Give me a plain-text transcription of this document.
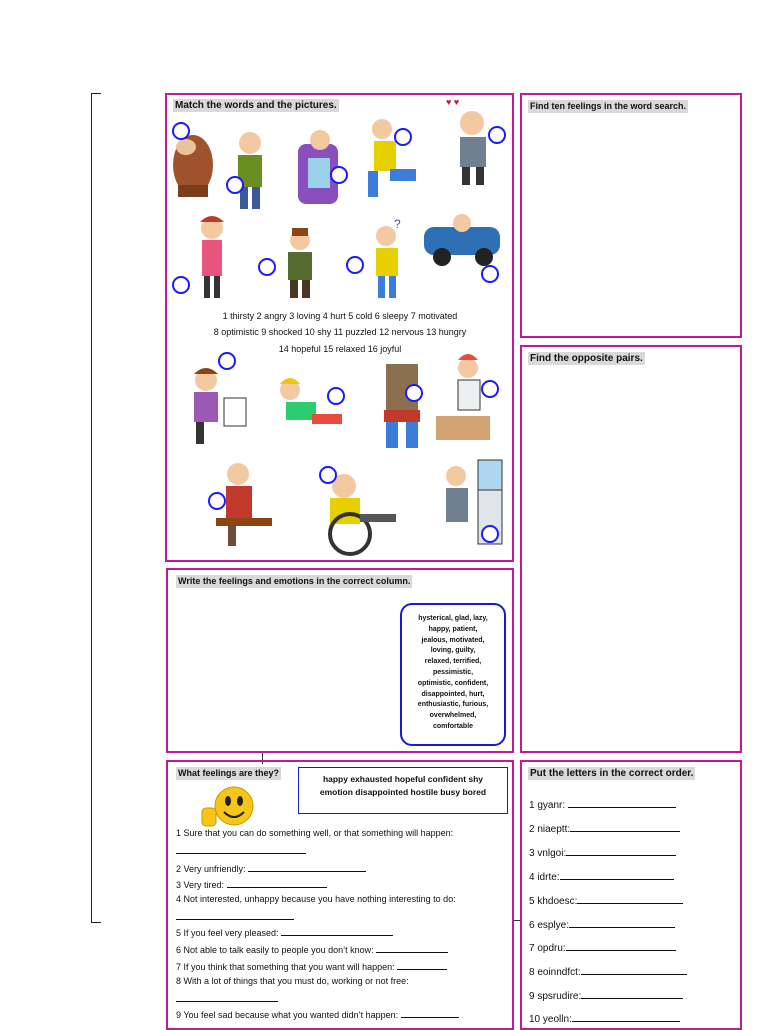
Match the words and the pictures.	♥ ♥
?
1 thirsty 2 angry 3 loving 4 hurt 5 cold 6 sleepy 7 motivated
8 optimistic 9 shocked 10 shy 11 puzzled 12 nervous 13 hungry
14 hopeful 15 relaxed 16 joyful
Find ten feelings in the word search.
Find the opposite pairs.
Write the feelings and emotions in the correct column.
hysterical, glad, lazy,
happy, patient,
jealous, motivated,
loving, guilty,
relaxed, terrified,
pessimistic,
optimistic, confident,
disappointed, hurt,
enthusiastic, furious,
overwhelmed,
comfortable
What feelings are they?
happy exhausted hopeful confident shy
emotion disappointed hostile busy bored
1 Sure that you can do something well, or that something will happen:
2 Very unfriendly:
3 Very tired:
4 Not interested, unhappy because you have nothing interesting to do:
5 If you feel very pleased:
6 Not able to talk easily to people you don’t know:
7 If you think that something that you want will happen:
8 With a lot of things that you must do, working or not free:
9 You feel sad because what you wanted didn’t happen:
Put the letters in the correct order.
1 gyanr:
2 niaeptt:
3 vnlgoi:
4 idrte:
5 khdoesc:
6 esplye:
7 opdru:
8 eoinndfct:
9 spsrudire:
10 yeolln:
